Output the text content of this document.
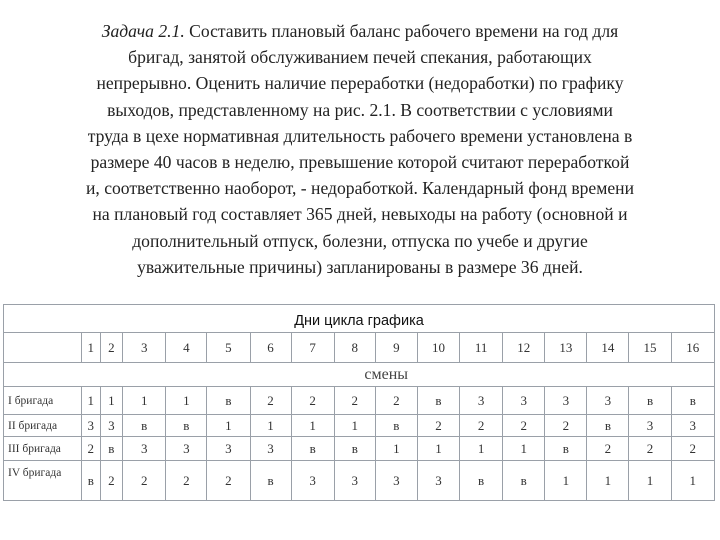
Задача 2.1. Составить плановый баланс рабочего времени на год для
бригад, занятой обслуживанием печей спекания, работающих
непрерывно. Оценить наличие переработки (недоработки) по графику
выходов, представленному на рис. 2.1. В соответствии с условиями
труда в цехе нормативная длительность рабочего времени установлена в
размере 40 часов в неделю, превышение которой считают переработкой
и, соответственно наоборот, - недоработкой. Календарный фонд времени
на плановый год составляет 365 дней, невыходы на работу (основной и
дополнительный отпуск, болезни, отпуска по учебе и другие
уважительные причины) запланированы в размере 36 дней.
Дни цикла графика																
	1	2	3	4	5	6	7	8	9	10	11	12	13	14	15	16
смены																
I бригада	1	1	1	1	в	2	2	2	2	в	3	3	3	3	в	в
II бригада	3	3	в	в	1	1	1	1	в	2	2	2	2	в	3	3
III бригада	2	в	3	3	3	3	в	в	1	1	1	1	в	2	2	2
IV бригада	в	2	2	2	2	в	3	3	3	3	в	в	1	1	1	1
